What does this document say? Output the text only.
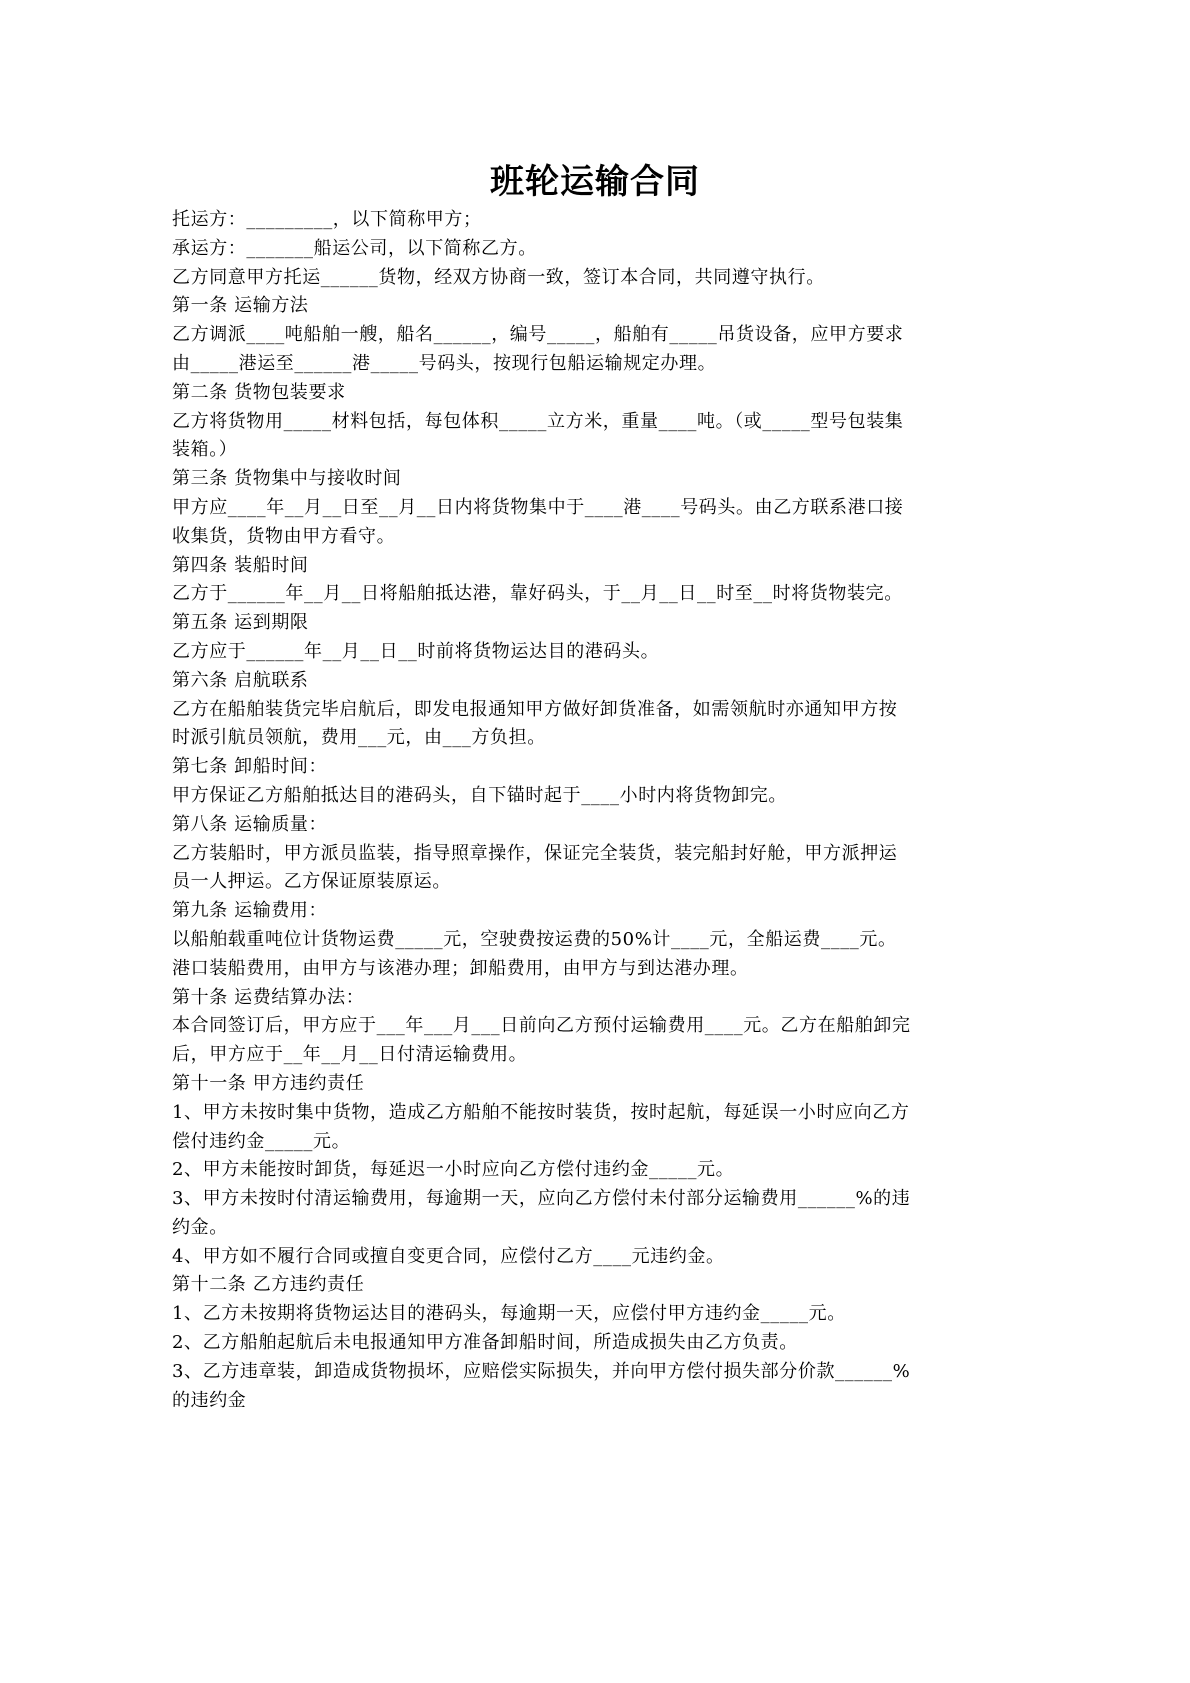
班轮运输合同
托运方：_________，以下简称甲方；
承运方：_______船运公司，以下简称乙方。
乙方同意甲方托运______货物，经双方协商一致，签订本合同，共同遵守执行。
第一条 运输方法
乙方调派____吨船舶一艘，船名______，编号_____，船舶有_____吊货设备，应甲方要求
由_____港运至______港_____号码头，按现行包船运输规定办理。
第二条 货物包装要求
乙方将货物用_____材料包括，每包体积_____立方米，重量____吨。（或_____型号包装集
装箱。）
第三条 货物集中与接收时间
甲方应____年__月__日至__月__日内将货物集中于____港____号码头。由乙方联系港口接
收集货，货物由甲方看守。
第四条 装船时间
乙方于______年__月__日将船舶抵达港，靠好码头，于__月__日__时至__时将货物装完。
第五条 运到期限
乙方应于______年__月__日__时前将货物运达目的港码头。
第六条 启航联系
乙方在船舶装货完毕启航后，即发电报通知甲方做好卸货准备，如需领航时亦通知甲方按
时派引航员领航，费用___元，由___方负担。
第七条 卸船时间：
甲方保证乙方船舶抵达目的港码头，自下锚时起于____小时内将货物卸完。
第八条 运输质量：
乙方装船时，甲方派员监装，指导照章操作，保证完全装货，装完船封好舱，甲方派押运
员一人押运。乙方保证原装原运。
第九条 运输费用：
以船舶载重吨位计货物运费_____元，空驶费按运费的50%计____元，全船运费____元。
港口装船费用，由甲方与该港办理；卸船费用，由甲方与到达港办理。
第十条 运费结算办法：
本合同签订后，甲方应于___年___月___日前向乙方预付运输费用____元。乙方在船舶卸完
后，甲方应于__年__月__日付清运输费用。
第十一条 甲方违约责任
1、甲方未按时集中货物，造成乙方船舶不能按时装货，按时起航，每延误一小时应向乙方
偿付违约金_____元。
2、甲方未能按时卸货，每延迟一小时应向乙方偿付违约金_____元。
3、甲方未按时付清运输费用，每逾期一天，应向乙方偿付未付部分运输费用______%的违
约金。
4、甲方如不履行合同或擅自变更合同，应偿付乙方____元违约金。
第十二条 乙方违约责任
1、乙方未按期将货物运达目的港码头，每逾期一天，应偿付甲方违约金_____元。
2、乙方船舶起航后未电报通知甲方准备卸船时间，所造成损失由乙方负责。
3、乙方违章装，卸造成货物损坏，应赔偿实际损失，并向甲方偿付损失部分价款______%
的违约金
